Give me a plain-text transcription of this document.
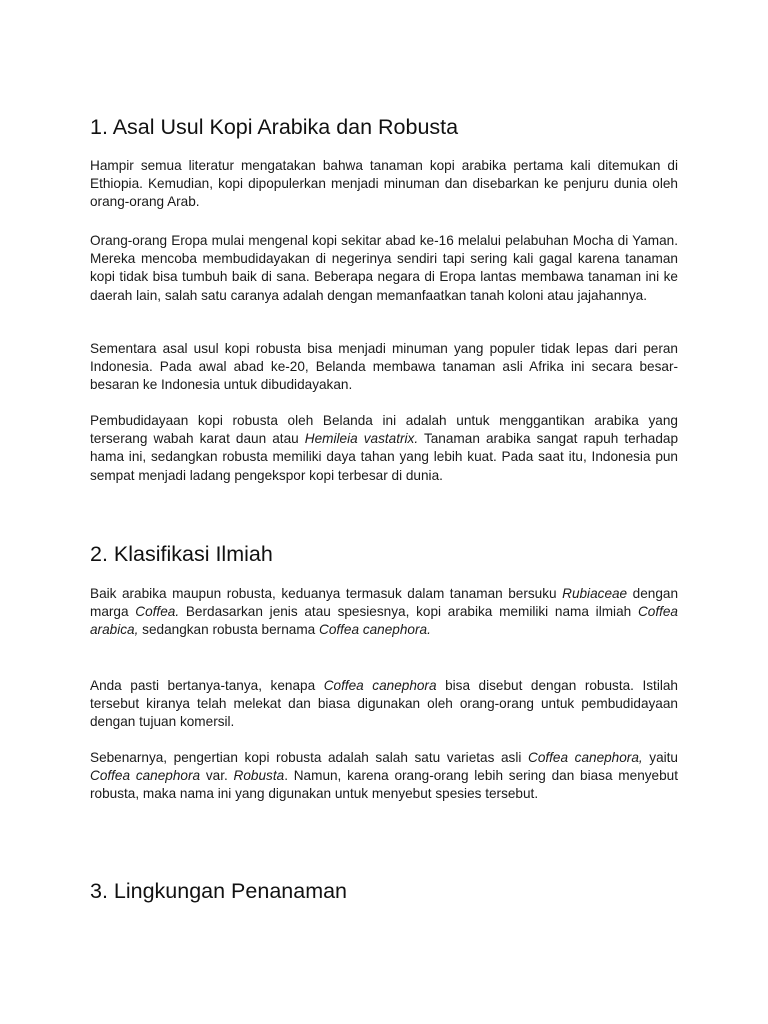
1. Asal Usul Kopi Arabika dan Robusta

Hampir semua literatur mengatakan bahwa tanaman kopi arabika pertama kali ditemukan di Ethiopia. Kemudian, kopi dipopulerkan menjadi minuman dan disebarkan ke penjuru dunia oleh orang-orang Arab.

Orang-orang Eropa mulai mengenal kopi sekitar abad ke-16 melalui pelabuhan Mocha di Yaman. Mereka mencoba membudidayakan di negerinya sendiri tapi sering kali gagal karena tanaman kopi tidak bisa tumbuh baik di sana. Beberapa negara di Eropa lantas membawa tanaman ini ke daerah lain, salah satu caranya adalah dengan memanfaatkan tanah koloni atau jajahannya.

Sementara asal usul kopi robusta bisa menjadi minuman yang populer tidak lepas dari peran Indonesia. Pada awal abad ke-20, Belanda membawa tanaman asli Afrika ini secara besar-besaran ke Indonesia untuk dibudidayakan.

Pembudidayaan kopi robusta oleh Belanda ini adalah untuk menggantikan arabika yang terserang wabah karat daun atau Hemileia vastatrix. Tanaman arabika sangat rapuh terhadap hama ini, sedangkan robusta memiliki daya tahan yang lebih kuat. Pada saat itu, Indonesia pun sempat menjadi ladang pengekspor kopi terbesar di dunia.

2. Klasifikasi Ilmiah

Baik arabika maupun robusta, keduanya termasuk dalam tanaman bersuku Rubiaceae dengan marga Coffea. Berdasarkan jenis atau spesiesnya, kopi arabika memiliki nama ilmiah Coffea arabica, sedangkan robusta bernama Coffea canephora.

Anda pasti bertanya-tanya, kenapa Coffea canephora bisa disebut dengan robusta. Istilah tersebut kiranya telah melekat dan biasa digunakan oleh orang-orang untuk pembudidayaan dengan tujuan komersil.

Sebenarnya, pengertian kopi robusta adalah salah satu varietas asli Coffea canephora, yaitu Coffea canephora var. Robusta. Namun, karena orang-orang lebih sering dan biasa menyebut robusta, maka nama ini yang digunakan untuk menyebut spesies tersebut.

3. Lingkungan Penanaman
